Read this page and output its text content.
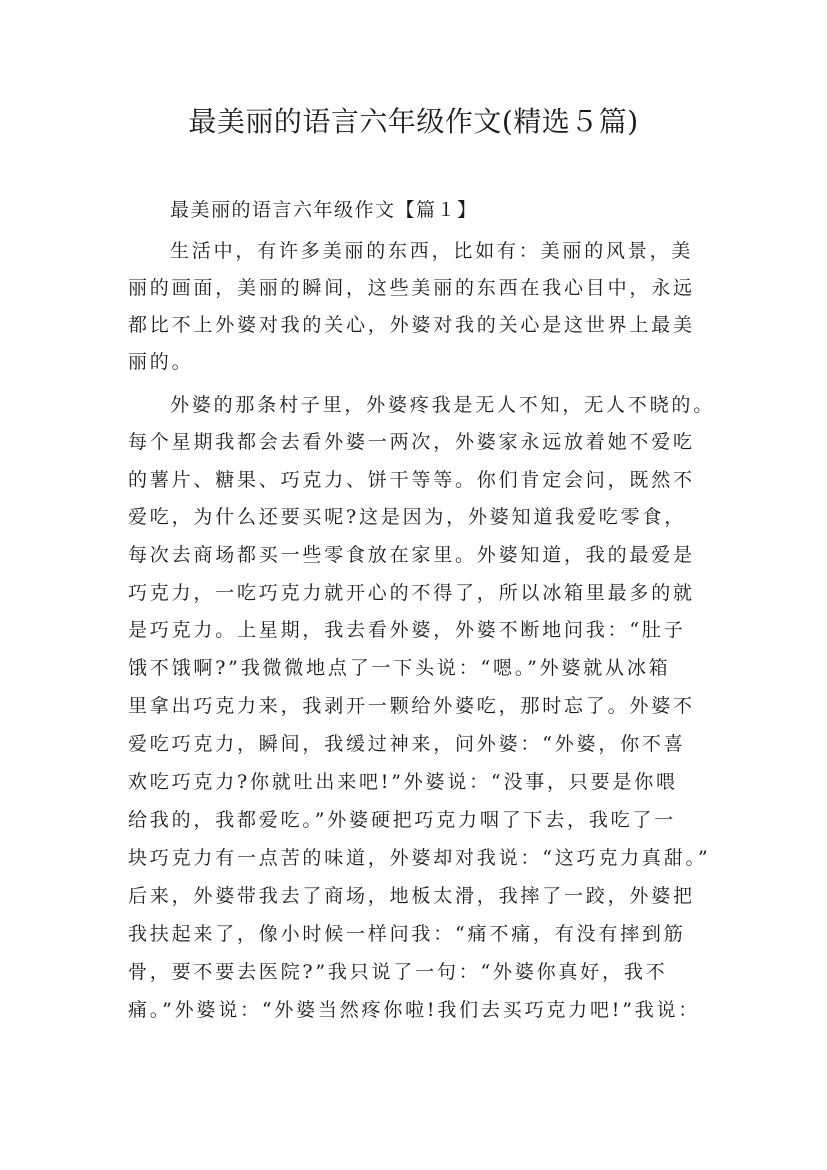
最美丽的语言六年级作文(精选５篇)
最美丽的语言六年级作文【篇１】
生活中，有许多美丽的东西，比如有：美丽的风景，美
丽的画面，美丽的瞬间，这些美丽的东西在我心目中，永远
都比不上外婆对我的关心，外婆对我的关心是这世界上最美
丽的。
外婆的那条村子里，外婆疼我是无人不知，无人不晓的。
每个星期我都会去看外婆一两次，外婆家永远放着她不爱吃
的薯片、糖果、巧克力、饼干等等。你们肯定会问，既然不
爱吃，为什么还要买呢?这是因为，外婆知道我爱吃零食，
每次去商场都买一些零食放在家里。外婆知道，我的最爱是
巧克力，一吃巧克力就开心的不得了，所以冰箱里最多的就
是巧克力。上星期，我去看外婆，外婆不断地问我：“肚子
饿不饿啊?”我微微地点了一下头说：“嗯。”外婆就从冰箱
里拿出巧克力来，我剥开一颗给外婆吃，那时忘了。外婆不
爱吃巧克力，瞬间，我缓过神来，问外婆：“外婆，你不喜
欢吃巧克力?你就吐出来吧!”外婆说：“没事，只要是你喂
给我的，我都爱吃。”外婆硬把巧克力咽了下去，我吃了一
块巧克力有一点苦的味道，外婆却对我说：“这巧克力真甜。”
后来，外婆带我去了商场，地板太滑，我摔了一跤，外婆把
我扶起来了，像小时候一样问我：“痛不痛，有没有摔到筋
骨，要不要去医院?”我只说了一句：“外婆你真好，我不
痛。”外婆说：“外婆当然疼你啦!我们去买巧克力吧!”我说：
